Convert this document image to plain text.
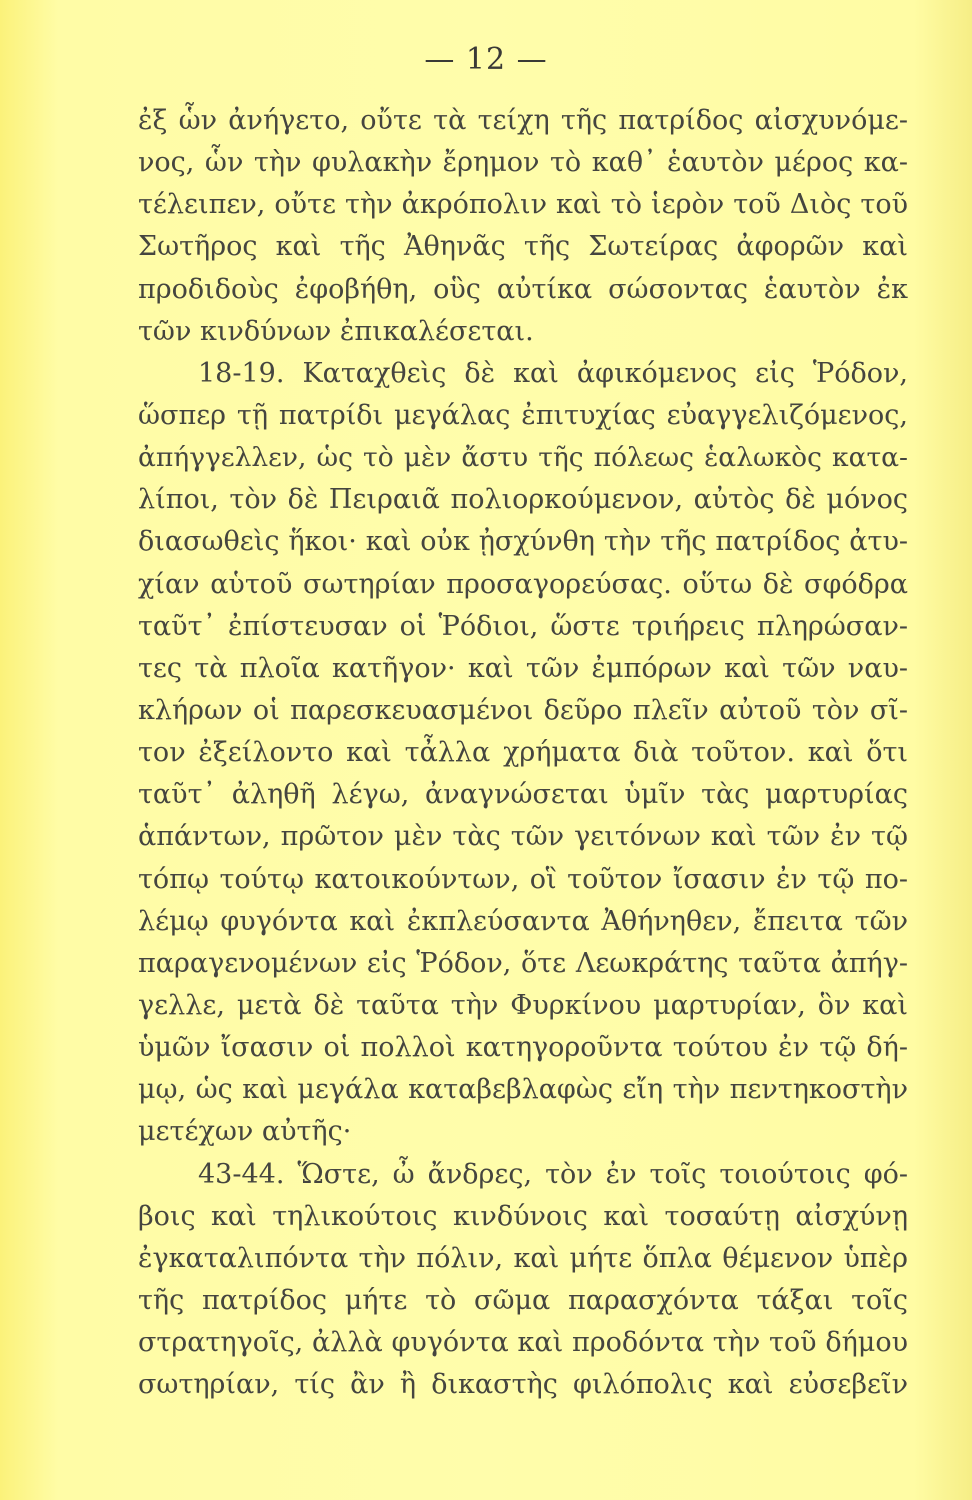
— 12 —
ἐξ ὧν ἀνήγετο, οὔτε τὰ τείχη τῆς πατρίδος αἰσχυνόμε-
νος, ὧν τὴν φυλακὴν ἔρημον τὸ καθ᾽ ἑαυτὸν μέρος κα-
τέλειπεν, οὔτε τὴν ἀκρόπολιν καὶ τὸ ἱερὸν τοῦ Διὸς τοῦ
Σωτῆρος καὶ τῆς Ἀθηνᾶς τῆς Σωτείρας ἀφορῶν καὶ
προδιδοὺς ἐφοβήθη, οὓς αὐτίκα σώσοντας ἑαυτὸν ἐκ
τῶν κινδύνων ἐπικαλέσεται.
18-19. Καταχθεὶς δὲ καὶ ἀφικόμενος εἰς Ῥόδον,
ὥσπερ τῇ πατρίδι μεγάλας ἐπιτυχίας εὐαγγελιζόμενος,
ἀπήγγελλεν, ὡς τὸ μὲν ἄστυ τῆς πόλεως ἑαλωκὸς κατα-
λίποι, τὸν δὲ Πειραιᾶ πολιορκούμενον, αὐτὸς δὲ μόνος
διασωθεὶς ἥκοι· καὶ οὐκ ᾐσχύνθη τὴν τῆς πατρίδος ἀτυ-
χίαν αὑτοῦ σωτηρίαν προσαγορεύσας. οὕτω δὲ σφόδρα
ταῦτ᾽ ἐπίστευσαν οἱ Ῥόδιοι, ὥστε τριήρεις πληρώσαν-
τες τὰ πλοῖα κατῆγον· καὶ τῶν ἐμπόρων καὶ τῶν ναυ-
κλήρων οἱ παρεσκευασμένοι δεῦρο πλεῖν αὐτοῦ τὸν σῖ-
τον ἐξείλοντο καὶ τἆλλα χρήματα διὰ τοῦτον. καὶ ὅτι
ταῦτ᾽ ἀληθῆ λέγω, ἀναγνώσεται ὑμῖν τὰς μαρτυρίας
ἁπάντων, πρῶτον μὲν τὰς τῶν γειτόνων καὶ τῶν ἐν τῷ
τόπῳ τούτῳ κατοικούντων, οἳ τοῦτον ἴσασιν ἐν τῷ πο-
λέμῳ φυγόντα καὶ ἐκπλεύσαντα Ἀθήνηθεν, ἔπειτα τῶν
παραγενομένων εἰς Ῥόδον, ὅτε Λεωκράτης ταῦτα ἀπήγ-
γελλε, μετὰ δὲ ταῦτα τὴν Φυρκίνου μαρτυρίαν, ὃν καὶ
ὑμῶν ἴσασιν οἱ πολλοὶ κατηγοροῦντα τούτου ἐν τῷ δή-
μῳ, ὡς καὶ μεγάλα καταβεβλαφὼς εἴη τὴν πεντηκοστὴν
μετέχων αὐτῆς·
43-44. Ὥστε, ὦ ἄνδρες, τὸν ἐν τοῖς τοιούτοις φό-
βοις καὶ τηλικούτοις κινδύνοις καὶ τοσαύτῃ αἰσχύνῃ
ἐγκαταλιπόντα τὴν πόλιν, καὶ μήτε ὅπλα θέμενον ὑπὲρ
τῆς πατρίδος μήτε τὸ σῶμα παρασχόντα τάξαι τοῖς
στρατηγοῖς, ἀλλὰ φυγόντα καὶ προδόντα τὴν τοῦ δήμου
σωτηρίαν, τίς ἂν ἢ δικαστὴς φιλόπολις καὶ εὐσεβεῖν
